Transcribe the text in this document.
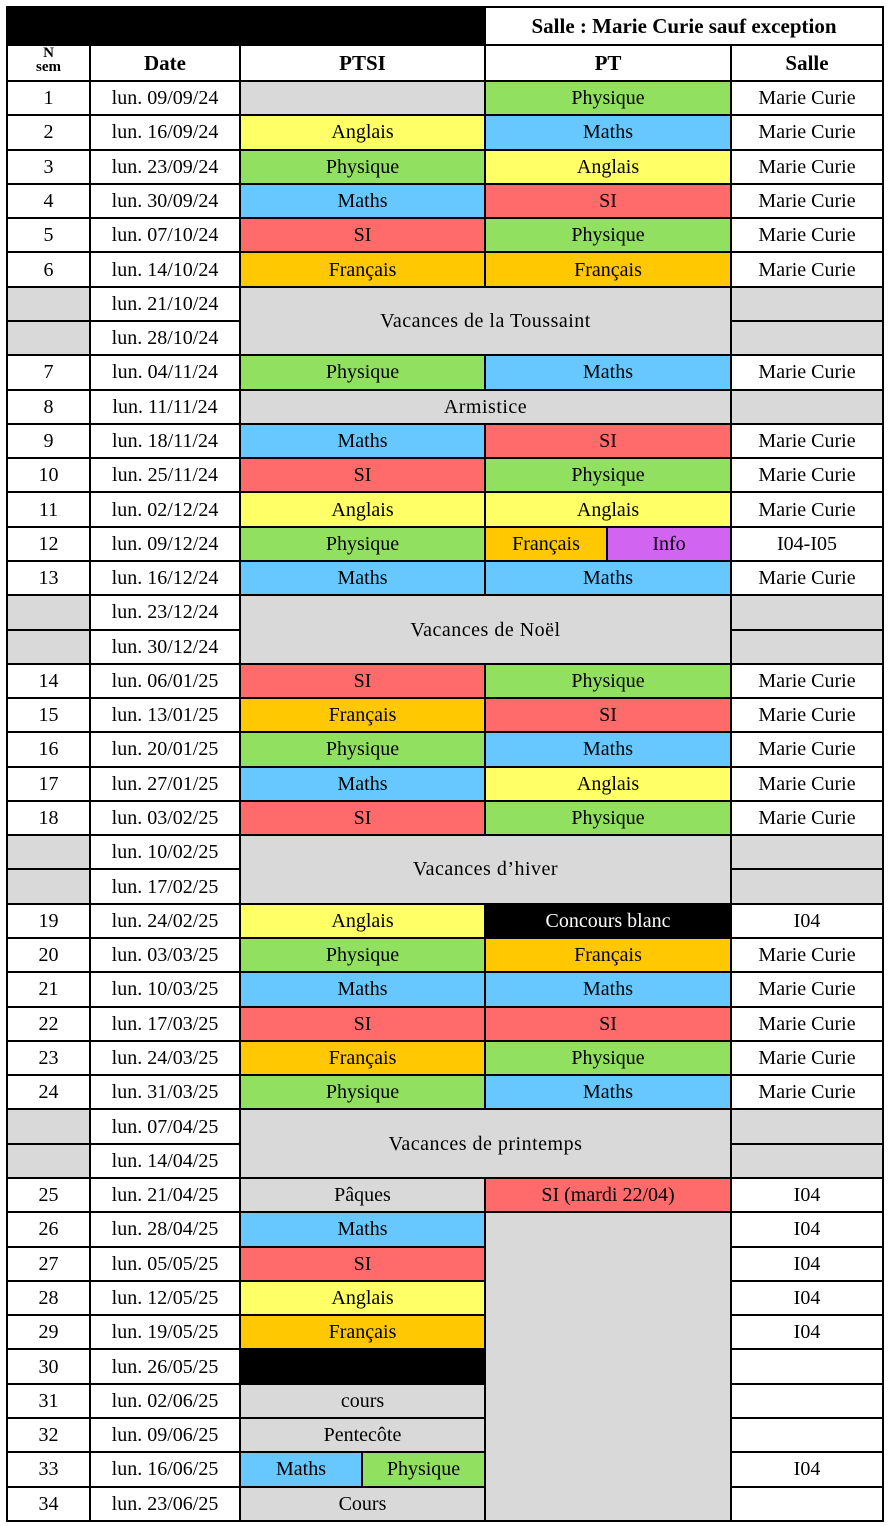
				Salle : Marie Curie sauf exception		
N
sem	Date	PTSI		PT		Salle
1	lun. 09/09/24			Physique		Marie Curie
2	lun. 16/09/24	Anglais		Maths		Marie Curie
3	lun. 23/09/24	Physique		Anglais		Marie Curie
4	lun. 30/09/24	Maths		SI		Marie Curie
5	lun. 07/10/24	SI		Physique		Marie Curie
6	lun. 14/10/24	Français		Français		Marie Curie
	lun. 21/10/24	Vacances de la Toussaint				
	lun. 28/10/24					
7	lun. 04/11/24	Physique		Maths		Marie Curie
8	lun. 11/11/24	Armistice				
9	lun. 18/11/24	Maths		SI		Marie Curie
10	lun. 25/11/24	SI		Physique		Marie Curie
11	lun. 02/12/24	Anglais		Anglais		Marie Curie
12	lun. 09/12/24	Physique		Français	Info	I04-I05
13	lun. 16/12/24	Maths		Maths		Marie Curie
	lun. 23/12/24	Vacances de Noël				
	lun. 30/12/24					
14	lun. 06/01/25	SI		Physique		Marie Curie
15	lun. 13/01/25	Français		SI		Marie Curie
16	lun. 20/01/25	Physique		Maths		Marie Curie
17	lun. 27/01/25	Maths		Anglais		Marie Curie
18	lun. 03/02/25	SI		Physique		Marie Curie
	lun. 10/02/25	Vacances d’hiver				
	lun. 17/02/25					
19	lun. 24/02/25	Anglais		Concours blanc		I04
20	lun. 03/03/25	Physique		Français		Marie Curie
21	lun. 10/03/25	Maths		Maths		Marie Curie
22	lun. 17/03/25	SI		SI		Marie Curie
23	lun. 24/03/25	Français		Physique		Marie Curie
24	lun. 31/03/25	Physique		Maths		Marie Curie
	lun. 07/04/25	Vacances de printemps				
	lun. 14/04/25					
25	lun. 21/04/25	Pâques		SI (mardi 22/04)		I04
26	lun. 28/04/25	Maths				I04
27	lun. 05/05/25	SI				I04
28	lun. 12/05/25	Anglais				I04
29	lun. 19/05/25	Français				I04
30	lun. 26/05/25					
31	lun. 02/06/25	cours				
32	lun. 09/06/25	Pentecôte				
33	lun. 16/06/25	Maths	Physique			I04
34	lun. 23/06/25	Cours				
